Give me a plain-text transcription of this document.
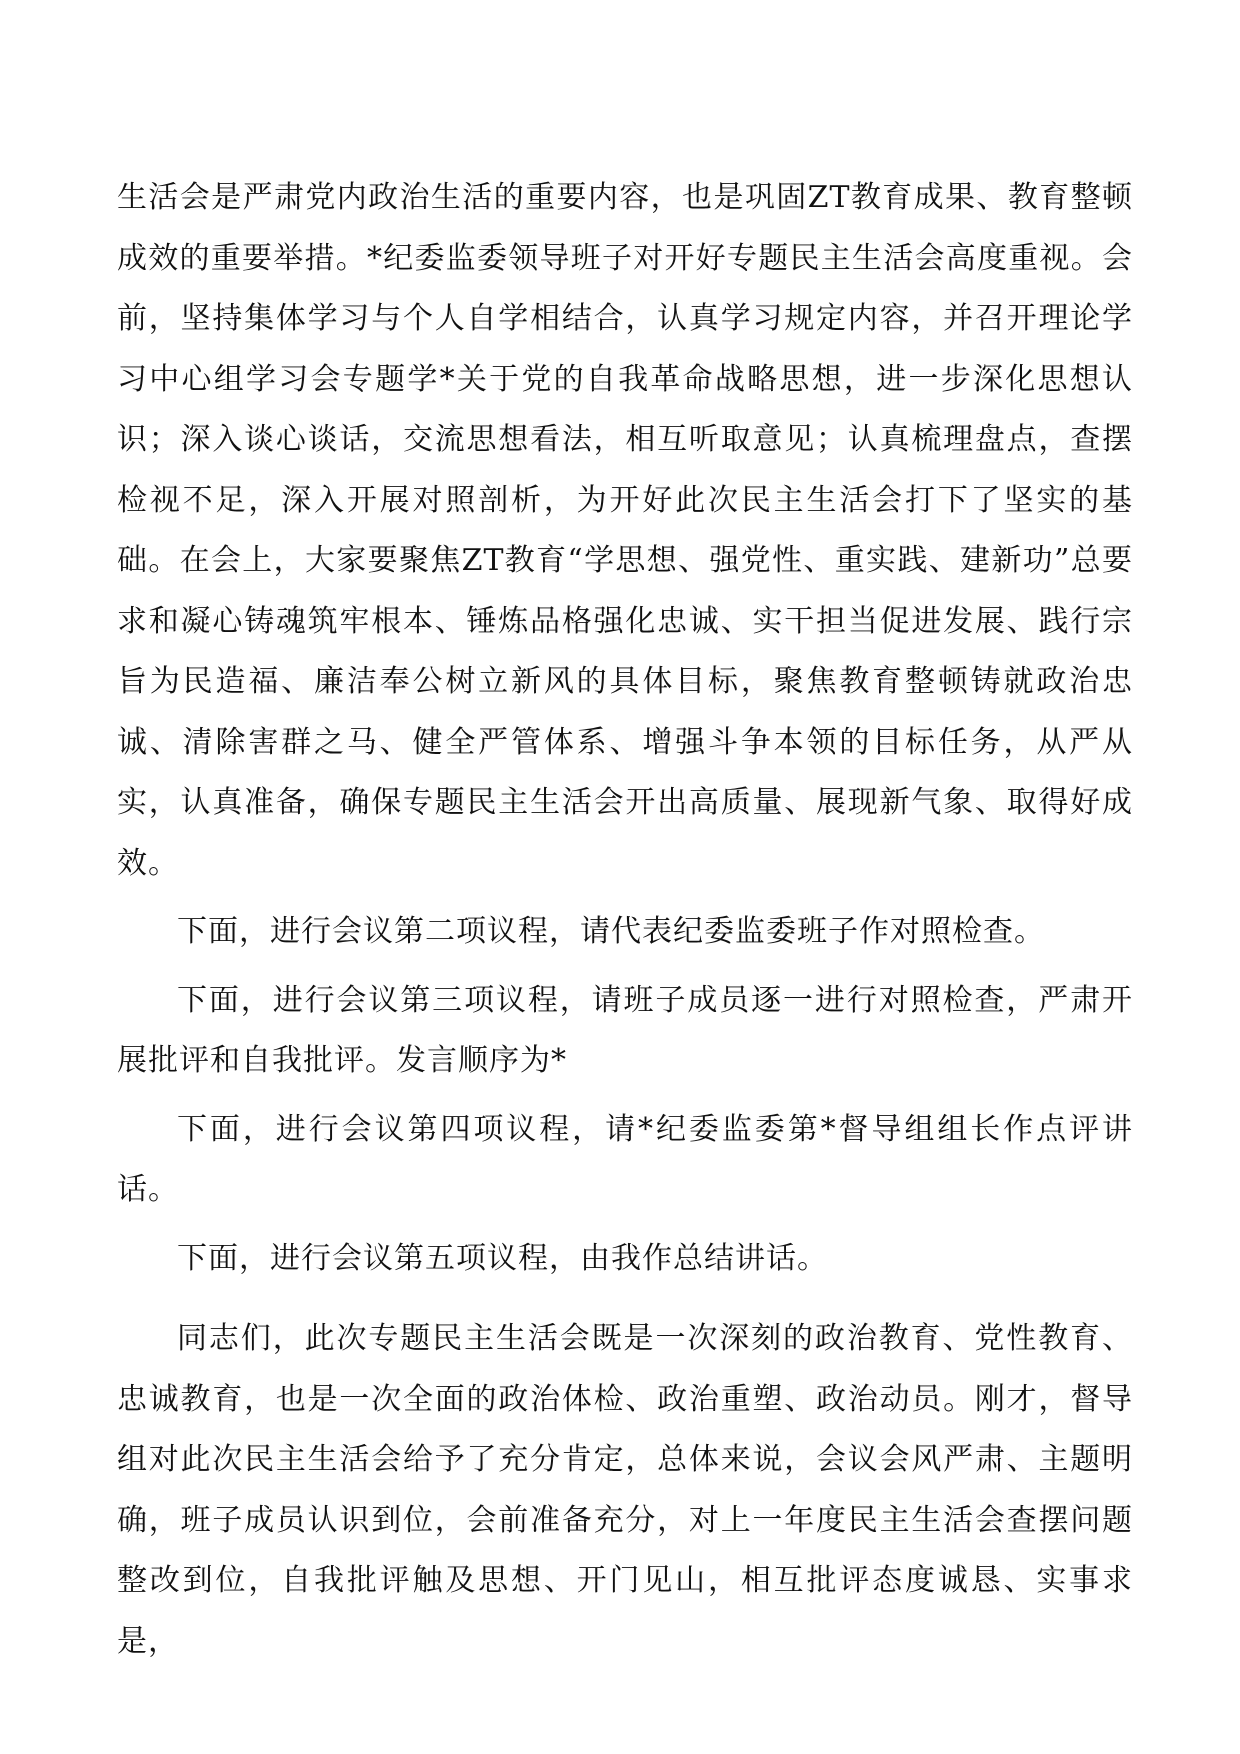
生活会是严肃党内政治生活的重要内容，也是巩固ZT教育成果、教育整顿成效的重要举措。*纪委监委领导班子对开好专题民主生活会高度重视。会前，坚持集体学习与个人自学相结合，认真学习规定内容，并召开理论学习中心组学习会专题学*关于党的自我革命战略思想，进一步深化思想认识；深入谈心谈话，交流思想看法，相互听取意见；认真梳理盘点，查摆检视不足，深入开展对照剖析，为开好此次民主生活会打下了坚实的基础。在会上，大家要聚焦ZT教育“学思想、强党性、重实践、建新功”总要求和凝心铸魂筑牢根本、锤炼品格强化忠诚、实干担当促进发展、践行宗旨为民造福、廉洁奉公树立新风的具体目标，聚焦教育整顿铸就政治忠诚、清除害群之马、健全严管体系、增强斗争本领的目标任务，从严从实，认真准备，确保专题民主生活会开出高质量、展现新气象、取得好成效。

下面，进行会议第二项议程，请代表纪委监委班子作对照检查。

下面，进行会议第三项议程，请班子成员逐一进行对照检查，严肃开展批评和自我批评。发言顺序为*

下面，进行会议第四项议程，请*纪委监委第*督导组组长作点评讲话。

下面，进行会议第五项议程，由我作总结讲话。

同志们，此次专题民主生活会既是一次深刻的政治教育、党性教育、忠诚教育，也是一次全面的政治体检、政治重塑、政治动员。刚才，督导组对此次民主生活会给予了充分肯定，总体来说，会议会风严肃、主题明确，班子成员认识到位，会前准备充分，对上一年度民主生活会查摆问题整改到位，自我批评触及思想、开门见山，相互批评态度诚恳、实事求是，
